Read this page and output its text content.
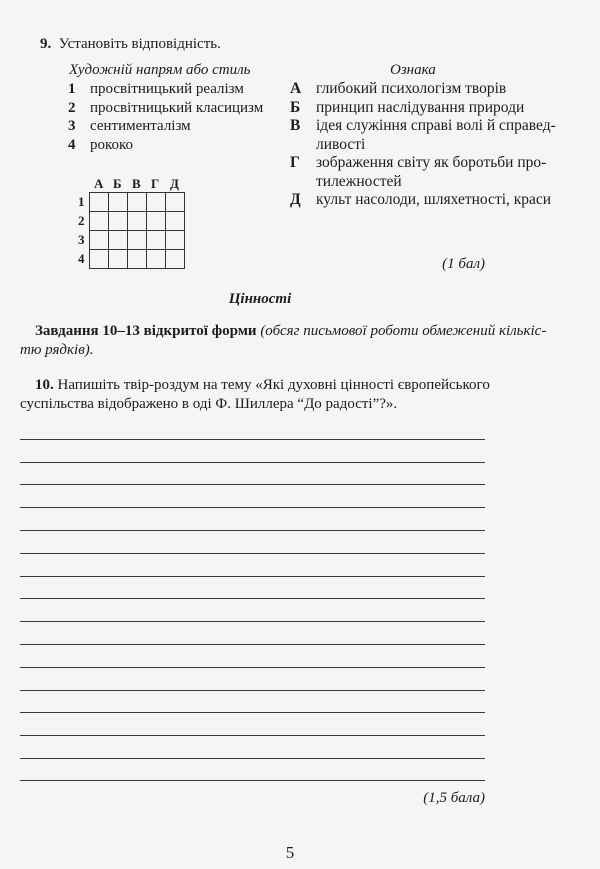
9. Установіть відповідність.
Художній напрям або стиль	Ознака
1 просвітницький реалізм
2 просвітницький класицизм
3 сентименталізм
4 рококо
А глибокий психологізм творів
Б принцип наслідування природи
В ідея служіння справі волі й справед-
ливості
Г зображення світу як боротьби про-
тилежностей
Д культ насолоди, шляхетності, краси
А Б В Г Д
1
2
3
4

					(1 бал)
Цінності
Завдання 10–13 відкритої форми (обсяг письмової роботи обмежений кількіс-
тю рядків).
10. Напишіть твір-роздум на тему «Які духовні цінності європейського
суспільства відображено в оді Ф. Шиллера “До радості”?».
(1,5 бала)
5
